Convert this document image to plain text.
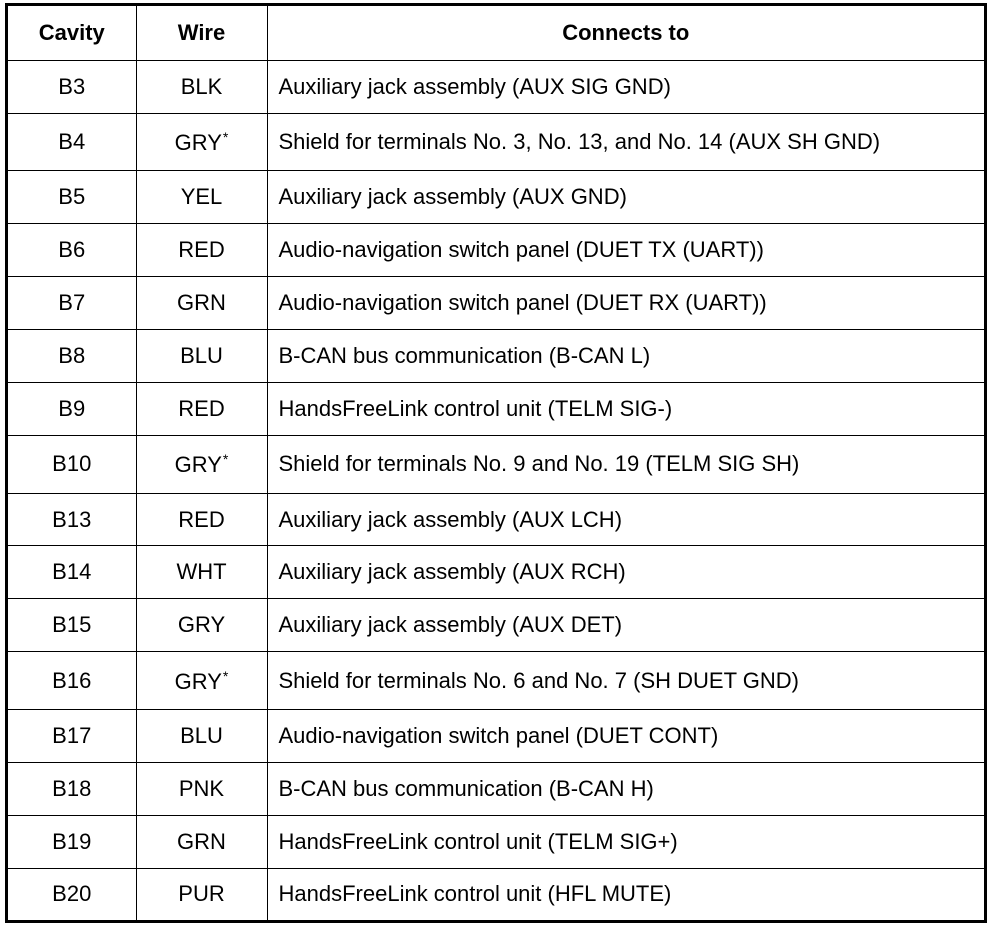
Cavity	Wire	Connects to
B3	BLK	Auxiliary jack assembly (AUX SIG GND)
B4	GRY*	Shield for terminals No. 3, No. 13, and No. 14 (AUX SH GND)
B5	YEL	Auxiliary jack assembly (AUX GND)
B6	RED	Audio-navigation switch panel (DUET TX (UART))
B7	GRN	Audio-navigation switch panel (DUET RX (UART))
B8	BLU	B-CAN bus communication (B-CAN L)
B9	RED	HandsFreeLink control unit (TELM SIG-)
B10	GRY*	Shield for terminals No. 9 and No. 19 (TELM SIG SH)
B13	RED	Auxiliary jack assembly (AUX LCH)
B14	WHT	Auxiliary jack assembly (AUX RCH)
B15	GRY	Auxiliary jack assembly (AUX DET)
B16	GRY*	Shield for terminals No. 6 and No. 7 (SH DUET GND)
B17	BLU	Audio-navigation switch panel (DUET CONT)
B18	PNK	B-CAN bus communication (B-CAN H)
B19	GRN	HandsFreeLink control unit (TELM SIG+)
B20	PUR	HandsFreeLink control unit (HFL MUTE)
